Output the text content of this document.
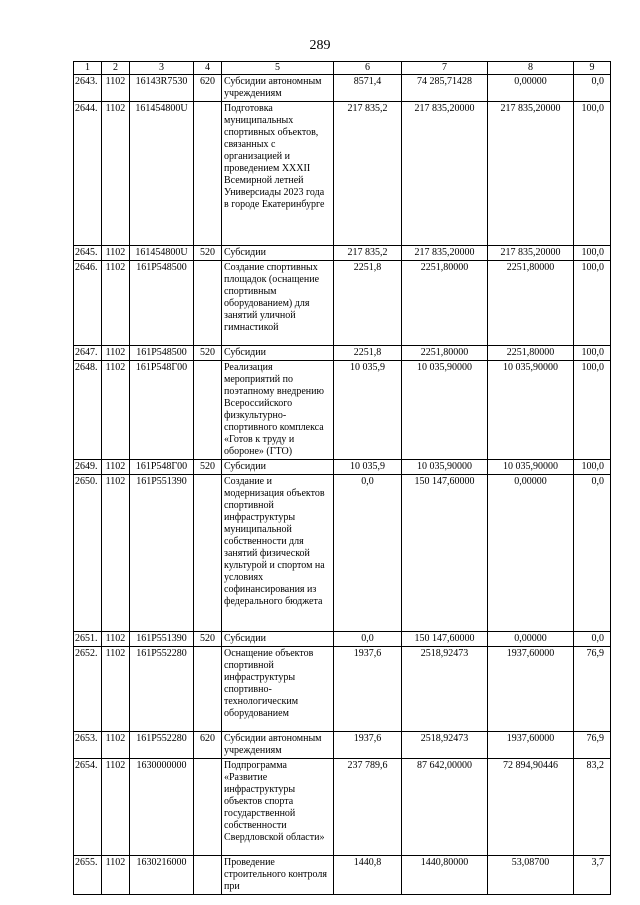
289
1	2	3	4	5	6	7	8	9
2643.	1102	16143R7530	620	Субсидии автономным учреждениям	8571,4	74 285,71428	0,00000	0,0
2644.	1102	161454800U		Подготовка муниципальных спортивных объектов, связанных с организацией и проведением XXXII Всемирной летней Универсиады 2023 года в городе Екатеринбурге	217 835,2	217 835,20000	217 835,20000	100,0
2645.	1102	161454800U	520	Субсидии	217 835,2	217 835,20000	217 835,20000	100,0
2646.	1102	161P548500		Создание спортивных площадок (оснащение спортивным оборудованием) для занятий уличной гимнастикой	2251,8	2251,80000	2251,80000	100,0
2647.	1102	161P548500	520	Субсидии	2251,8	2251,80000	2251,80000	100,0
2648.	1102	161P548Г00		Реализация мероприятий по поэтапному внедрению Всероссийского физкультурно-спортивного комплекса «Готов к труду и обороне» (ГТО)	10 035,9	10 035,90000	10 035,90000	100,0
2649.	1102	161P548Г00	520	Субсидии	10 035,9	10 035,90000	10 035,90000	100,0
2650.	1102	161P551390		Создание и модернизация объектов спортивной инфраструктуры муниципальной собственности для занятий физической культурой и спортом на условиях софинансирования из федерального бюджета	0,0	150 147,60000	0,00000	0,0
2651.	1102	161P551390	520	Субсидии	0,0	150 147,60000	0,00000	0,0
2652.	1102	161P552280		Оснащение объектов спортивной инфраструктуры спортивно-технологическим оборудованием	1937,6	2518,92473	1937,60000	76,9
2653.	1102	161P552280	620	Субсидии автономным учреждениям	1937,6	2518,92473	1937,60000	76,9
2654.	1102	1630000000		Подпрограмма «Развитие инфраструктуры объектов спорта государственной собственности Свердловской области»	237 789,6	87 642,00000	72 894,90446	83,2
2655.	1102	1630216000		Проведение строительного контроля при	1440,8	1440,80000	53,08700	3,7
